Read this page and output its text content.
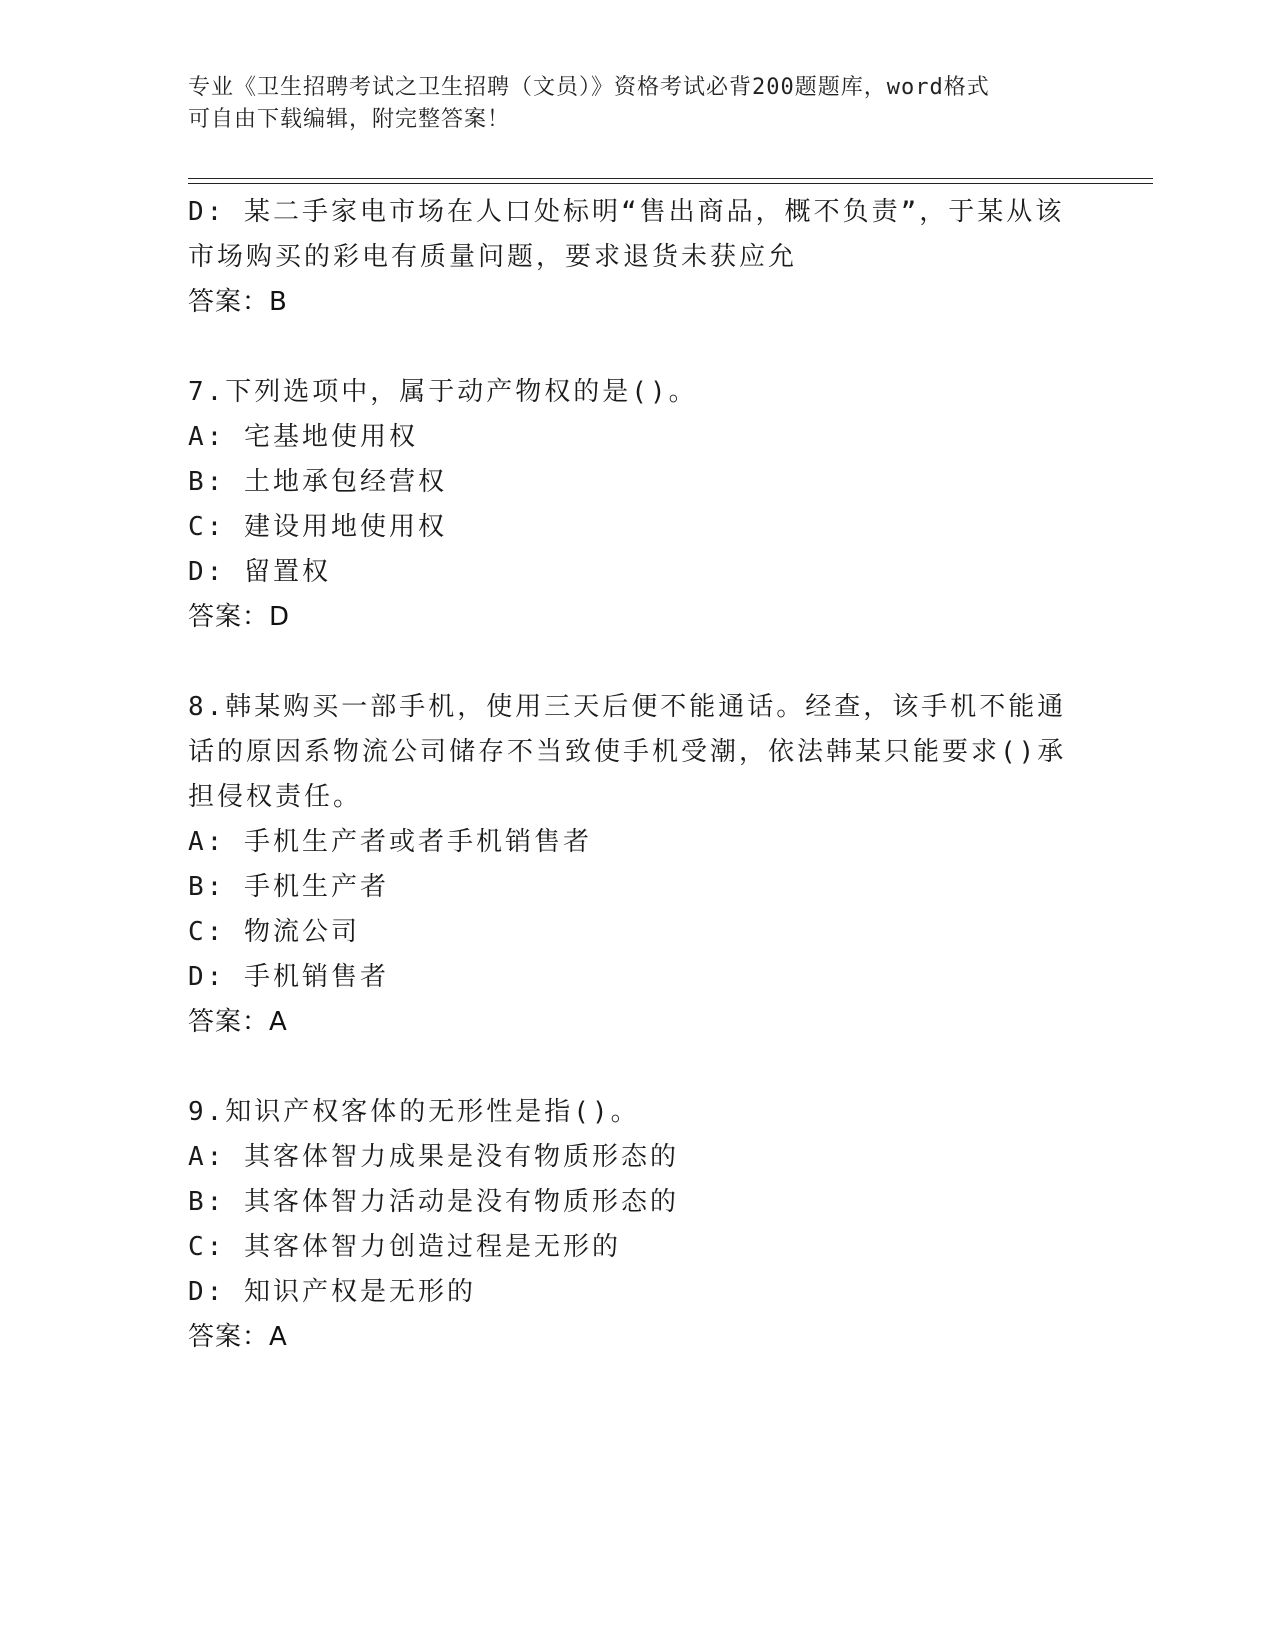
专业《卫生招聘考试之卫生招聘（文员）》资格考试必背200题题库，word格式
可自由下载编辑，附完整答案！
D: 某二手家电市场在人口处标明“售出商品，概不负责”，于某从该
市场购买的彩电有质量问题，要求退货未获应允
答案：B
7.下列选项中，属于动产物权的是()。
A: 宅基地使用权
B: 土地承包经营权
C: 建设用地使用权
D: 留置权
答案：D
8.韩某购买一部手机，使用三天后便不能通话。经查，该手机不能通
话的原因系物流公司储存不当致使手机受潮，依法韩某只能要求()承
担侵权责任。
A: 手机生产者或者手机销售者
B: 手机生产者
C: 物流公司
D: 手机销售者
答案：A
9.知识产权客体的无形性是指()。
A: 其客体智力成果是没有物质形态的
B: 其客体智力活动是没有物质形态的
C: 其客体智力创造过程是无形的
D: 知识产权是无形的
答案：A
